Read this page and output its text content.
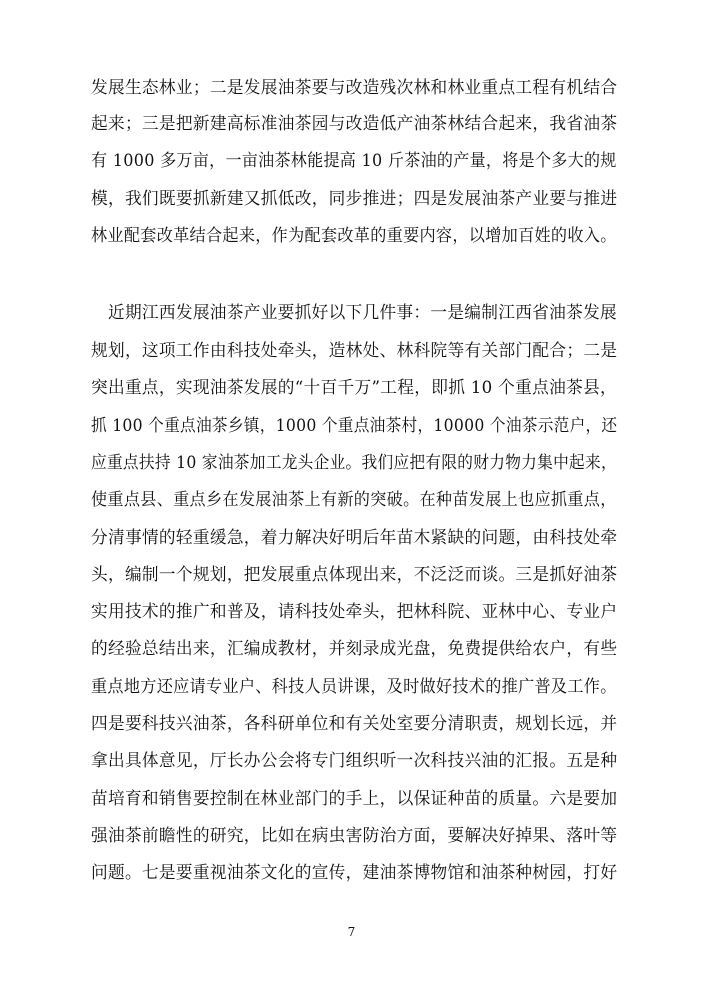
发展生态林业；二是发展油茶要与改造残次林和林业重点工程有机结合
起来；三是把新建高标准油茶园与改造低产油茶林结合起来，我省油茶
有 1000 多万亩，一亩油茶林能提高 10 斤茶油的产量，将是个多大的规
模，我们既要抓新建又抓低改，同步推进；四是发展油茶产业要与推进
林业配套改革结合起来，作为配套改革的重要内容，以增加百姓的收入。
近期江西发展油茶产业要抓好以下几件事：一是编制江西省油茶发展
规划，这项工作由科技处牵头，造林处、林科院等有关部门配合；二是
突出重点，实现油茶发展的“十百千万”工程，即抓 10 个重点油茶县，
抓 100 个重点油茶乡镇，1000 个重点油茶村，10000 个油茶示范户，还
应重点扶持 10 家油茶加工龙头企业。我们应把有限的财力物力集中起来，
使重点县、重点乡在发展油茶上有新的突破。在种苗发展上也应抓重点，
分清事情的轻重缓急，着力解决好明后年苗木紧缺的问题，由科技处牵
头，编制一个规划，把发展重点体现出来，不泛泛而谈。三是抓好油茶
实用技术的推广和普及，请科技处牵头，把林科院、亚林中心、专业户
的经验总结出来，汇编成教材，并刻录成光盘，免费提供给农户，有些
重点地方还应请专业户、科技人员讲课，及时做好技术的推广普及工作。
四是要科技兴油茶，各科研单位和有关处室要分清职责，规划长远，并
拿出具体意见，厅长办公会将专门组织听一次科技兴油的汇报。五是种
苗培育和销售要控制在林业部门的手上，以保证种苗的质量。六是要加
强油茶前瞻性的研究，比如在病虫害防治方面，要解决好掉果、落叶等
问题。七是要重视油茶文化的宣传，建油茶博物馆和油茶种树园，打好
7
